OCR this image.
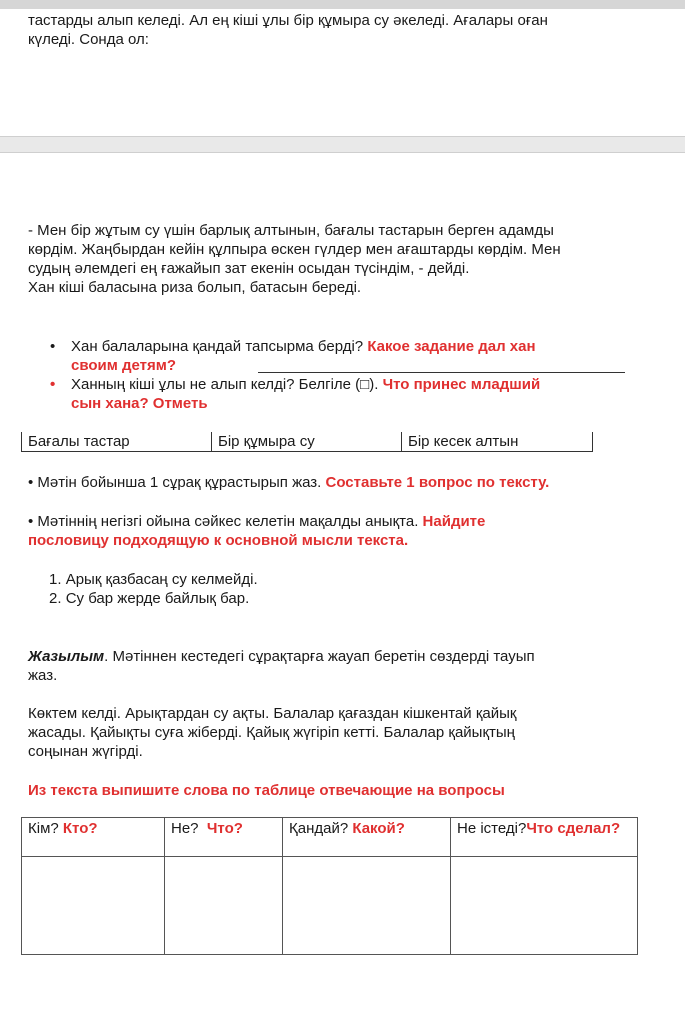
тастарды алып келеді. Ал ең кіші ұлы бір құмыра су әкеледі. Ағалары оған

күледі. Сонда ол:

- Мен бір жұтым су үшін барлық алтынын, бағалы тастарын берген адамды

көрдім. Жаңбырдан кейін құлпыра өскен гүлдер мен ағаштарды көрдім. Мен

судың әлемдегі ең ғажайып зат екенін осыдан түсіндім, - дейді.

Хан кіші баласына риза болып, батасын береді.

• Хан балаларына қандай тапсырма берді? Какое задание дал хан

своим детям?

• Ханның кіші ұлы не алып келді? Белгіле (□). Что принес младший

сын хана? Отметь

Бағалы тастар	Бір құмыра су	Бір кесек алтын

• Мәтін бойынша 1 сұрақ құрастырып жаз. Составьте 1 вопрос по тексту.

• Мәтіннің негізгі ойына сәйкес келетін мақалды анықта. Найдите

пословицу подходящую к основной мысли текста.

1. Арық қазбасаң су келмейді.

2. Су бар жерде байлық бар.

Жазылым. Мәтіннен кестедегі сұрақтарға жауап беретін сөздерді тауып

жаз.

Көктем келді. Арықтардан су ақты. Балалар қағаздан кішкентай қайық

жасады. Қайықты суға жіберді. Қайық жүгіріп кетті. Балалар қайықтың

соңынан жүгірді.

Из текста выпишите слова по таблице отвечающие на вопросы

Кім? Кто?	Не? Что?	Қандай? Какой?	Не істеді?Что сделал?
